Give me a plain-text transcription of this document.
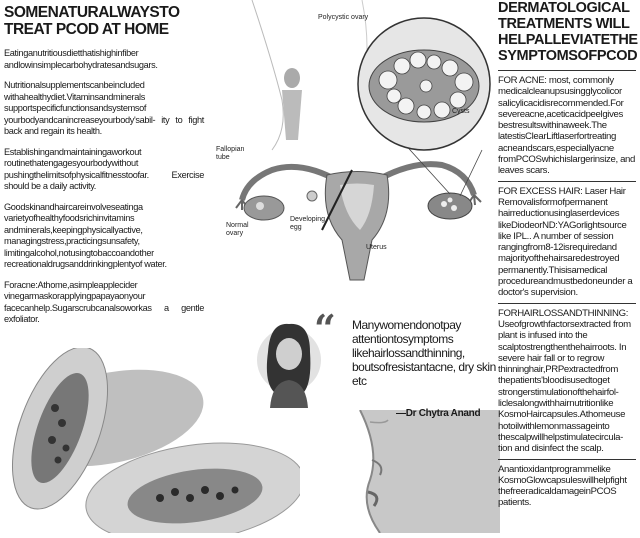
SOMENATURALWAYSTO TREAT PCOD AT HOME

Eatinganutritiousdietthatishighinfiber andlowinsimplecarbohydratesandsugars.

Nutritionalsupplementscanbeincluded withahealthydiet.Vitaminsandminerals supportspecificfunctionsandsystemsof yourbodyandcanincreaseyourbody'sabil- ity to fight back and regain its health.

Establishingandmaintainingaworkout routinethatengagesyourbodywithout pushingthelimitsofphysicalfitnesstoofar. Exercise should be a daily activity.

Goodskinandhaircareinvolveseatinga varietyofhealthyfoodsrichinvitamins andminerals,keepingphysicallyactive, managingstress,practicingsunsafety, limitingalcohol,notusingtobaccoandother recreationaldrugsanddrinkingplentyof water.

Foracne:Athome,asimpleapplecider vinegarmaskorapplyingpapayaonyour facecanhelp.Sugarscrubcanalsoworkas a gentle exfoliator.

Polycystic ovary
Cysts
Fallopian
tube
Normal
ovary
Developing
egg
Uterus
“ Manywomendonotpay attentiontosymptoms likehairlossandthinning, boutsofresistantacne, dry skin etc

—Dr Chytra Anand
DERMATOLOGICAL TREATMENTS WILL HELPALLEVIATETHE SYMPTOMSOFPCOD

FOR ACNE: most, commonly medicalcleanupsusingglycolicor salicylicacidisrecommended.For severeacne,aceticacidpeelgives bestresultswithinaweek.The latestisClearLiftlaserfortreating acneandscars,especiallyacne fromPCOSwhichislargerinsize, and leaves scars.

FOR EXCESS HAIR: Laser Hair Removalisformofpermanent hairreductionusinglaserdevices likeDiodeorND:YAGorlightsource like IPL.. A number of session rangingfrom8-12isrequiredand majorityofthehairsaredestroyed permanently.Thisisamedical procedureandmustbedoneunder a doctor's supervision.

FORHAIRLOSSANDTHINNING: Useofgrowthfactorsextracted from plant is infused into the scalptostrengthenthehairroots. In severe hair fall or to regrow thinninghair,PRPextractedfrom thepatients'bloodisusedtoget strongerstimulationofthehairfol- liclesalongwithhairnutritionlike KosmoHaircapsules.Athomeuse hotoilwithlemonmassageinto thescalpwillhelpstimulatecircula- tion and disinfect the scalp.

Anantioxidantprogrammelike KosmoGlowcapsuleswillhelpfight thefreeradicaldamageinPCOS patients.
